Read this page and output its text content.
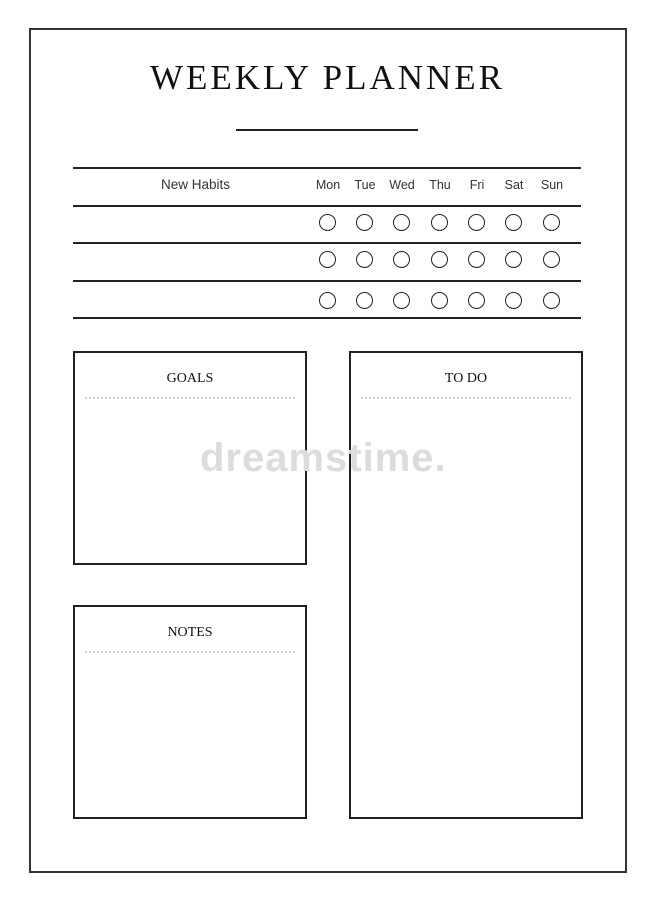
WEEKLY PLANNER
New Habits	Mon	Tue	Wed	Thu	Fri	Sat	Sun
GOALS	TO DO
NOTES
dreamstime.
